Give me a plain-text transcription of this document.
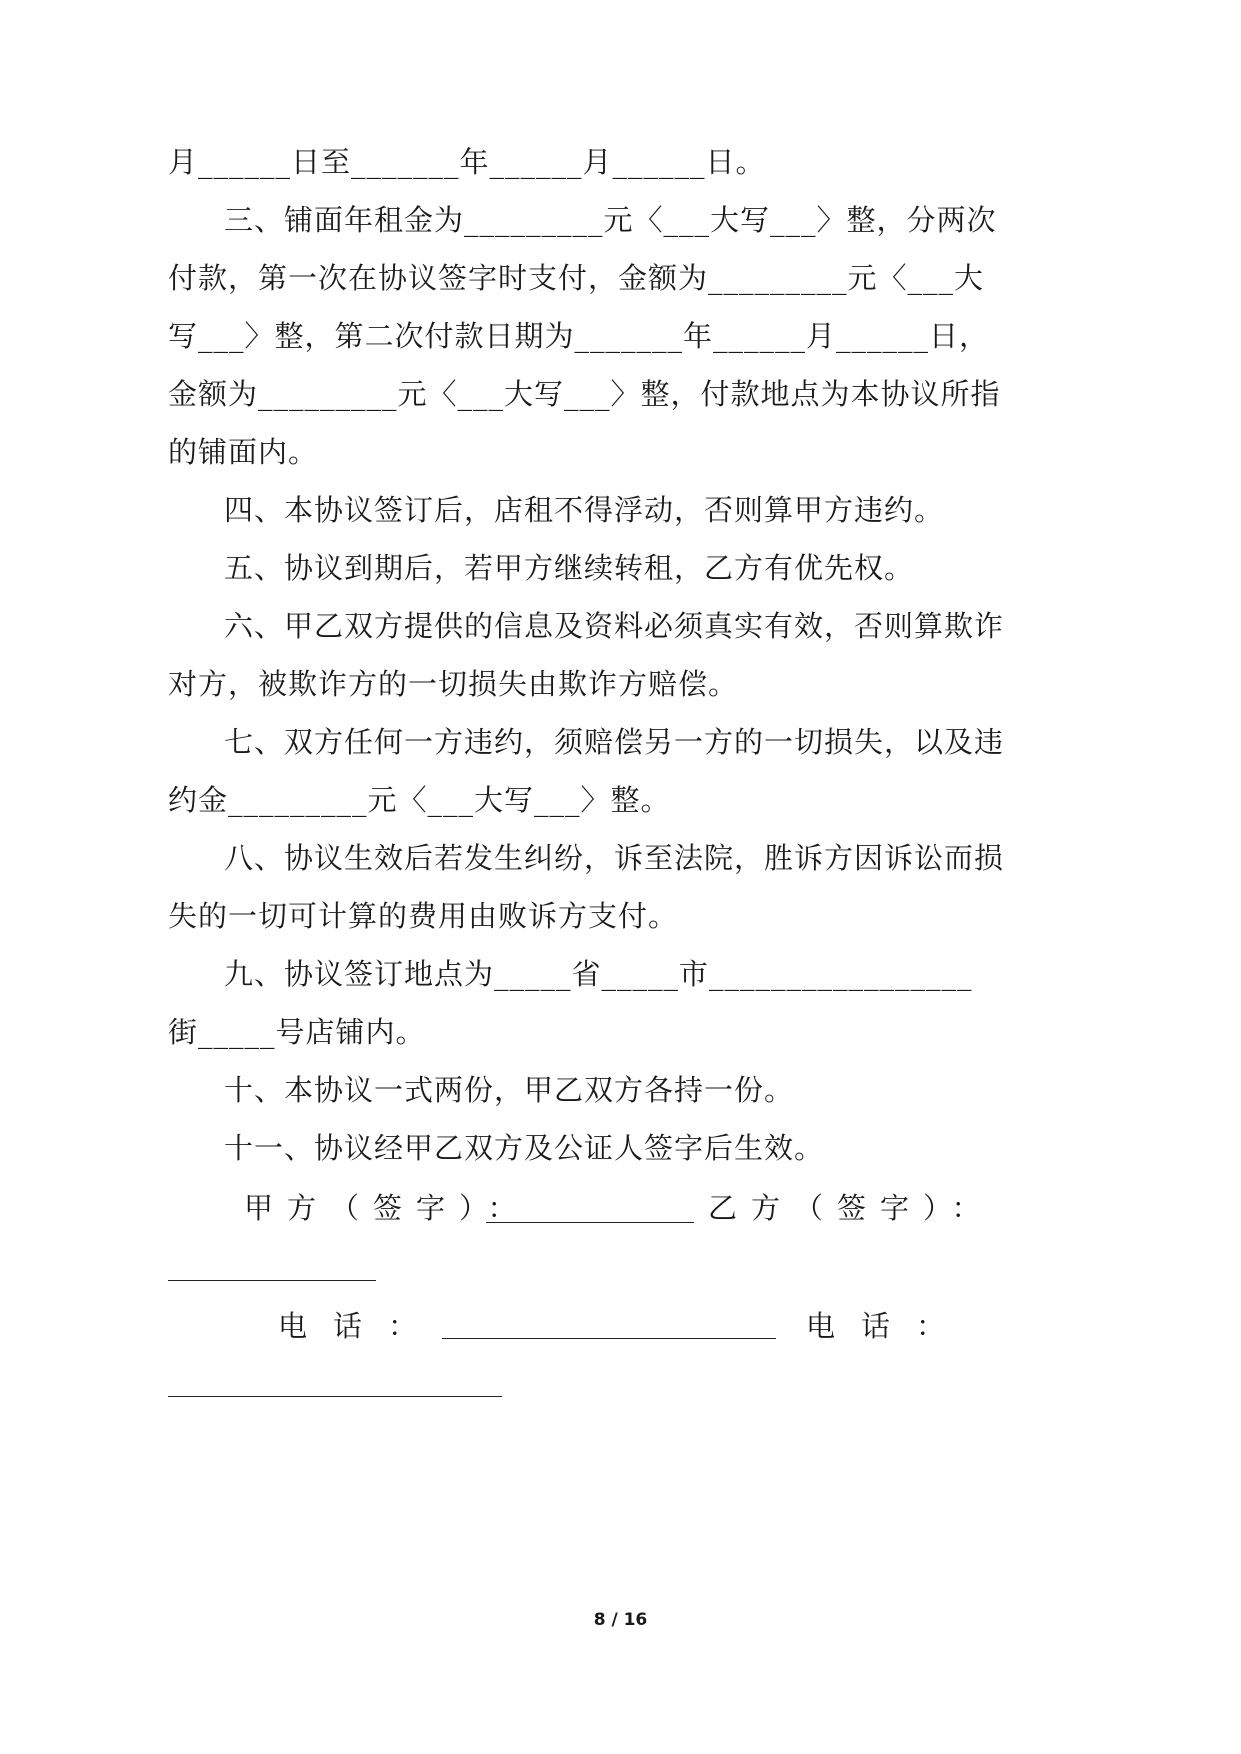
月______日至_______年______月______日。
三、铺面年租金为_________元〈___大写___〉整，分两次
付款，第一次在协议签字时支付，金额为_________元〈___大
写___〉整，第二次付款日期为_______年______月______日，
金额为_________元〈___大写___〉整，付款地点为本协议所指
的铺面内。
四、本协议签订后，店租不得浮动，否则算甲方违约。
五、协议到期后，若甲方继续转租，乙方有优先权。
六、甲乙双方提供的信息及资料必须真实有效，否则算欺诈
对方，被欺诈方的一切损失由欺诈方赔偿。
七、双方任何一方违约，须赔偿另一方的一切损失，以及违
约金_________元〈___大写___〉整。
八、协议生效后若发生纠纷，诉至法院，胜诉方因诉讼而损
失的一切可计算的费用由败诉方支付。
九、协议签订地点为_____省_____市_________________
街_____号店铺内。
十、本协议一式两份，甲乙双方各持一份。
十一、协议经甲乙双方及公证人签字后生效。
甲方（签字）：	乙方（签字）：
电话：	电话：
8 / 16
